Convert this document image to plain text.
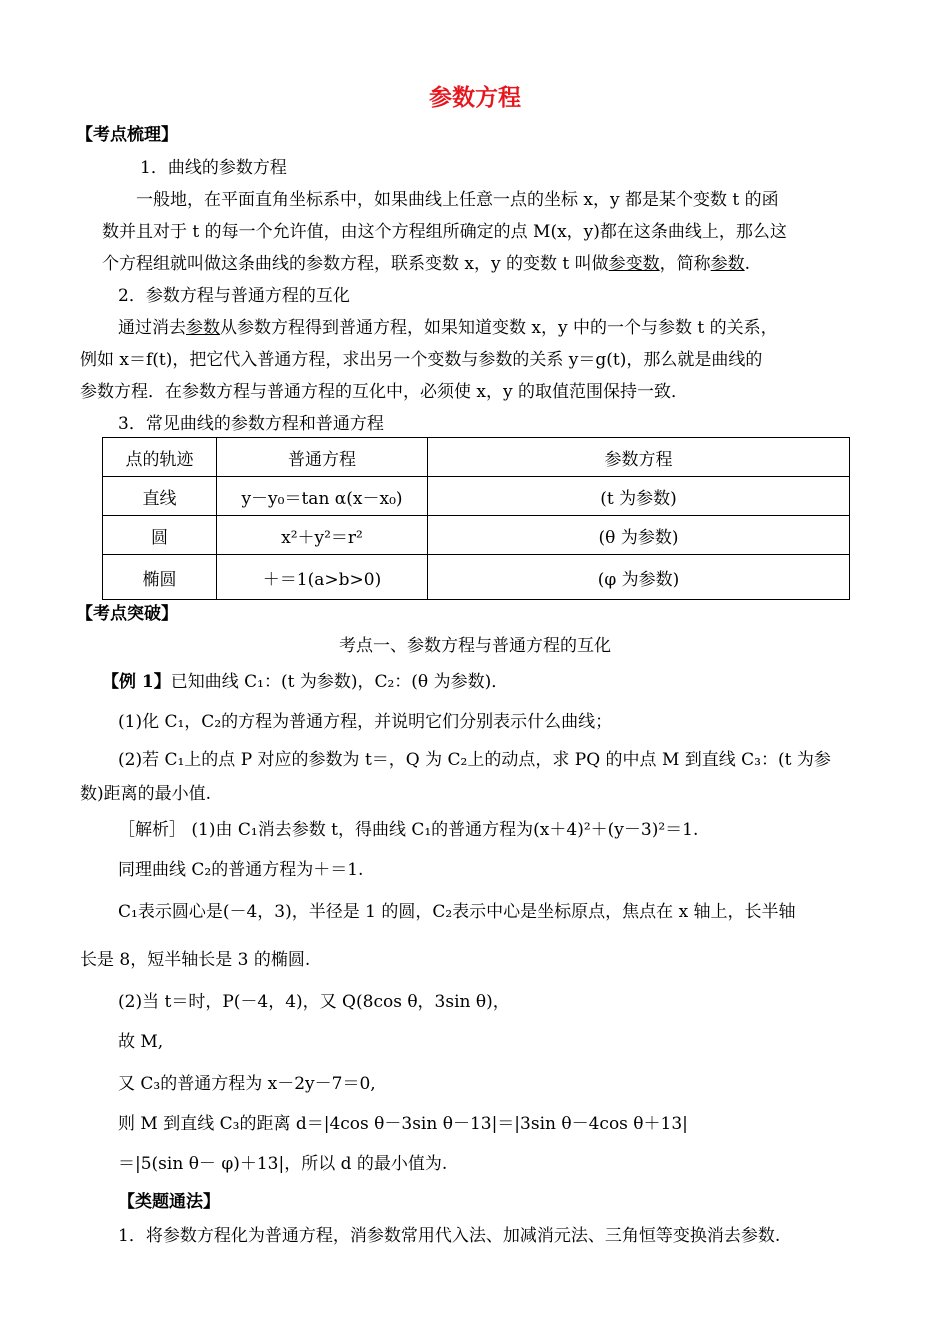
参数方程
【考点梳理】
1．曲线的参数方程
一般地，在平面直角坐标系中，如果曲线上任意一点的坐标 x，y 都是某个变数 t 的函
数并且对于 t 的每一个允许值，由这个方程组所确定的点 M(x，y)都在这条曲线上，那么这
个方程组就叫做这条曲线的参数方程，联系变数 x，y 的变数 t 叫做参变数，简称参数.
2．参数方程与普通方程的互化
通过消去参数从参数方程得到普通方程，如果知道变数 x，y 中的一个与参数 t 的关系，
例如 x＝f(t)，把它代入普通方程，求出另一个变数与参数的关系 y＝g(t)，那么就是曲线的
参数方程．在参数方程与普通方程的互化中，必须使 x，y 的取值范围保持一致．
3．常见曲线的参数方程和普通方程
点的轨迹	普通方程	参数方程
直线	y－y₀＝tan α(x－x₀)	(t 为参数)
圆	x²＋y²＝r²	(θ 为参数)
椭圆	＋＝1(a>b>0)	(φ 为参数)
【考点突破】
考点一、参数方程与普通方程的互化
【例 1】已知曲线 C₁：(t 为参数)，C₂：(θ 为参数)．
(1)化 C₁，C₂的方程为普通方程，并说明它们分别表示什么曲线；
(2)若 C₁上的点 P 对应的参数为 t＝，Q 为 C₂上的动点，求 PQ 的中点 M 到直线 C₃：(t 为参
数)距离的最小值.
［解析］ (1)由 C₁消去参数 t，得曲线 C₁的普通方程为(x＋4)²＋(y－3)²＝1.
同理曲线 C₂的普通方程为＋＝1.
C₁表示圆心是(－4，3)，半径是 1 的圆，C₂表示中心是坐标原点，焦点在 x 轴上，长半轴
长是 8，短半轴长是 3 的椭圆.
(2)当 t＝时，P(－4，4)，又 Q(8cos θ，3sin θ)，
故 M,
又 C₃的普通方程为 x－2y－7＝0,
则 M 到直线 C₃的距离 d＝|4cos θ－3sin θ－13|＝|3sin θ－4cos θ＋13|
＝|5(sin θ－ φ)＋13|，所以 d 的最小值为.
【类题通法】
1．将参数方程化为普通方程，消参数常用代入法、加减消元法、三角恒等变换消去参数.
